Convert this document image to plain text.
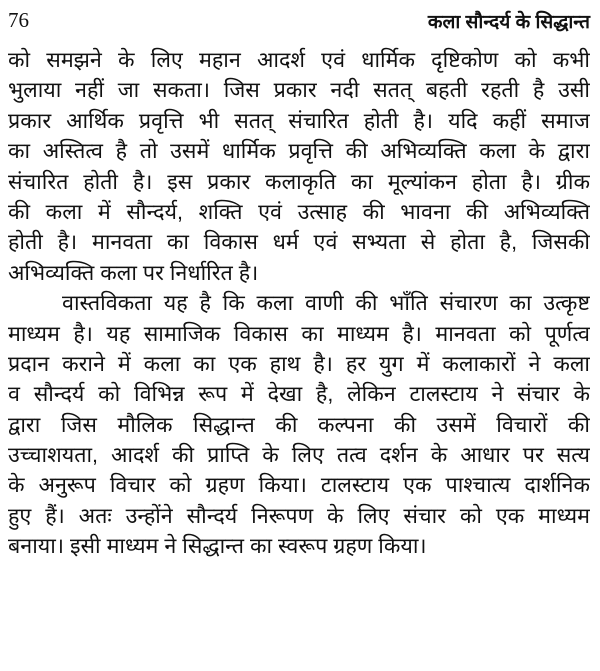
76	कला सौन्दर्य के सिद्धान्त
को समझने के लिए महान आदर्श एवं धार्मिक दृष्टिकोण को कभी
भुलाया नहीं जा सकता। जिस प्रकार नदी सतत् बहती रहती है उसी
प्रकार आर्थिक प्रवृत्ति भी सतत् संचारित होती है। यदि कहीं समाज
का अस्तित्व है तो उसमें धार्मिक प्रवृत्ति की अभिव्यक्ति कला के द्वारा
संचारित होती है। इस प्रकार कलाकृति का मूल्यांकन होता है। ग्रीक
की कला में सौन्दर्य, शक्ति एवं उत्साह की भावना की अभिव्यक्ति
होती है। मानवता का विकास धर्म एवं सभ्यता से होता है, जिसकी
अभिव्यक्ति कला पर निर्धारित है।
वास्तविकता यह है कि कला वाणी की भाँति संचारण का उत्कृष्ट
माध्यम है। यह सामाजिक विकास का माध्यम है। मानवता को पूर्णत्व
प्रदान कराने में कला का एक हाथ है। हर युग में कलाकारों ने कला
व सौन्दर्य को विभिन्न रूप में देखा है, लेकिन टालस्टाय ने संचार के
द्वारा जिस मौलिक सिद्धान्त की कल्पना की उसमें विचारों की
उच्चाशयता, आदर्श की प्राप्ति के लिए तत्व दर्शन के आधार पर सत्य
के अनुरूप विचार को ग्रहण किया। टालस्टाय एक पाश्चात्य दार्शनिक
हुए हैं। अतः उन्होंने सौन्दर्य निरूपण के लिए संचार को एक माध्यम
बनाया। इसी माध्यम ने सिद्धान्त का स्वरूप ग्रहण किया।
